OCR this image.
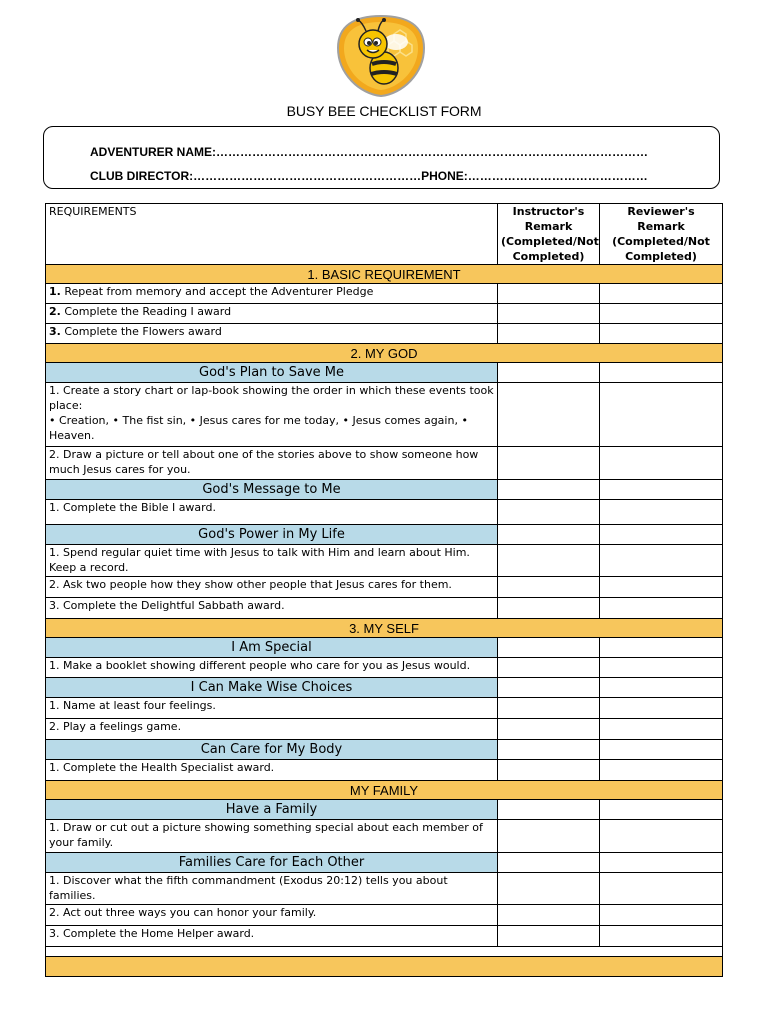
BUSY BEE CHECKLIST FORM
ADVENTURER NAME:………………………………………………………………………………………………
CLUB DIRECTOR:…………………………………………………PHONE:………………………………………
REQUIREMENTS	Instructor's Remark (Completed/Not Completed)	Reviewer's Remark (Completed/Not Completed)
1. BASIC REQUIREMENT		
1. Repeat from memory and accept the Adventurer Pledge		
2. Complete the Reading I award		
3. Complete the Flowers award		
2. MY GOD		
God's Plan to Save Me		

1. Create a story chart or lap-book showing the order in which these events took place:
• Creation, • The fist sin, • Jesus cares for me today, • Jesus comes again, • Heaven.		

2. Draw a picture or tell about one of the stories above to show someone how much Jesus cares for you.		
God's Message to Me		
1. Complete the Bible I award.		
God's Power in My Life		
1. Spend regular quiet time with Jesus to talk with Him and learn about Him. Keep a record.		
2. Ask two people how they show other people that Jesus cares for them.		
3. Complete the Delightful Sabbath award.		
3. MY SELF		
I Am Special		
1. Make a booklet showing different people who care for you as Jesus would.		
I Can Make Wise Choices		
1. Name at least four feelings.		
2. Play a feelings game.		
Can Care for My Body		
1. Complete the Health Specialist award.		
MY FAMILY		
Have a Family		
1. Draw or cut out a picture showing something special about each member of your family.		
Families Care for Each Other		
1. Discover what the fifth commandment (Exodus 20:12) tells you about families.		
2. Act out three ways you can honor your family.		
3. Complete the Home Helper award.		
